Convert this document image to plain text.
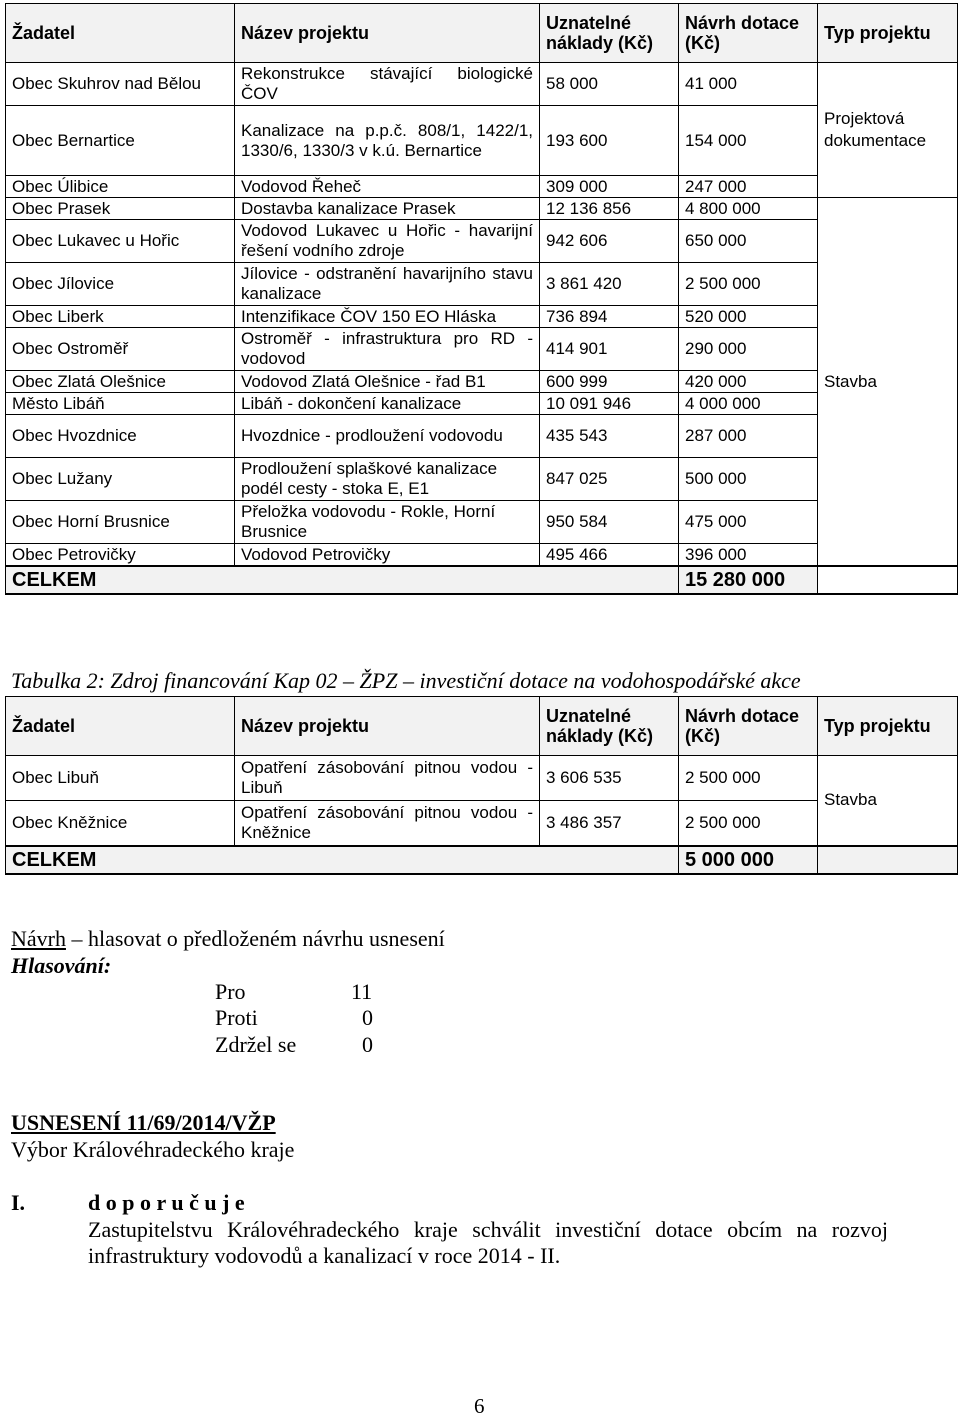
Žadatel	Název projektu	Uznatelné náklady (Kč)	Návrh dotace (Kč)	Typ projektu
Obec Skuhrov nad Bělou	Rekonstrukce stávající biologické ČOV	58 000	41 000	Projektová dokumentace
Obec Bernartice	Kanalizace na p.p.č. 808/1, 1422/1, 1330/6, 1330/3 v k.ú. Bernartice	193 600	154 000	
Obec Úlibice	Vodovod Řeheč	309 000	247 000	
Obec Prasek	Dostavba kanalizace Prasek	12 136 856	4 800 000	Stavba
Obec Lukavec u Hořic	Vodovod Lukavec u Hořic - havarijní řešení vodního zdroje	942 606	650 000	
Obec Jílovice	Jílovice - odstranění havarijního stavu kanalizace	3 861 420	2 500 000	
Obec Liberk	Intenzifikace ČOV 150 EO Hláska	736 894	520 000	
Obec Ostroměř	Ostroměř - infrastruktura pro RD - vodovod	414 901	290 000	
Obec Zlatá Olešnice	Vodovod Zlatá Olešnice - řad B1	600 999	420 000	
Město Libáň	Libáň - dokončení kanalizace	10 091 946	4 000 000	
Obec Hvozdnice	Hvozdnice - prodloužení vodovodu	435 543	287 000	
Obec Lužany	Prodloužení splaškové kanalizace podél cesty - stoka E, E1	847 025	500 000	
Obec Horní Brusnice	Přeložka vodovodu - Rokle, Horní Brusnice	950 584	475 000	
Obec Petrovičky	Vodovod Petrovičky	495 466	396 000	
CELKEM			15 280 000	
Tabulka 2: Zdroj financování Kap 02 – ŽPZ – investiční dotace na vodohospodářské akce
Žadatel	Název projektu	Uznatelné náklady (Kč)	Návrh dotace (Kč)	Typ projektu
Obec Libuň	Opatření zásobování pitnou vodou - Libuň	3 606 535	2 500 000	Stavba
Obec Kněžnice	Opatření zásobování pitnou vodou - Kněžnice	3 486 357	2 500 000	
CELKEM			5 000 000	
Návrh – hlasovat o předloženém návrhu usnesení
Hlasování:
Pro	11
Proti	0
Zdržel se	0
USNESENÍ 11/69/2014/VŽP
Výbor Královéhradeckého kraje
I.	d o p o r u č u j e
Zastupitelstvu Královéhradeckého kraje schválit investiční dotace obcím na rozvoj infrastruktury vodovodů a kanalizací v roce 2014 - II.
6
